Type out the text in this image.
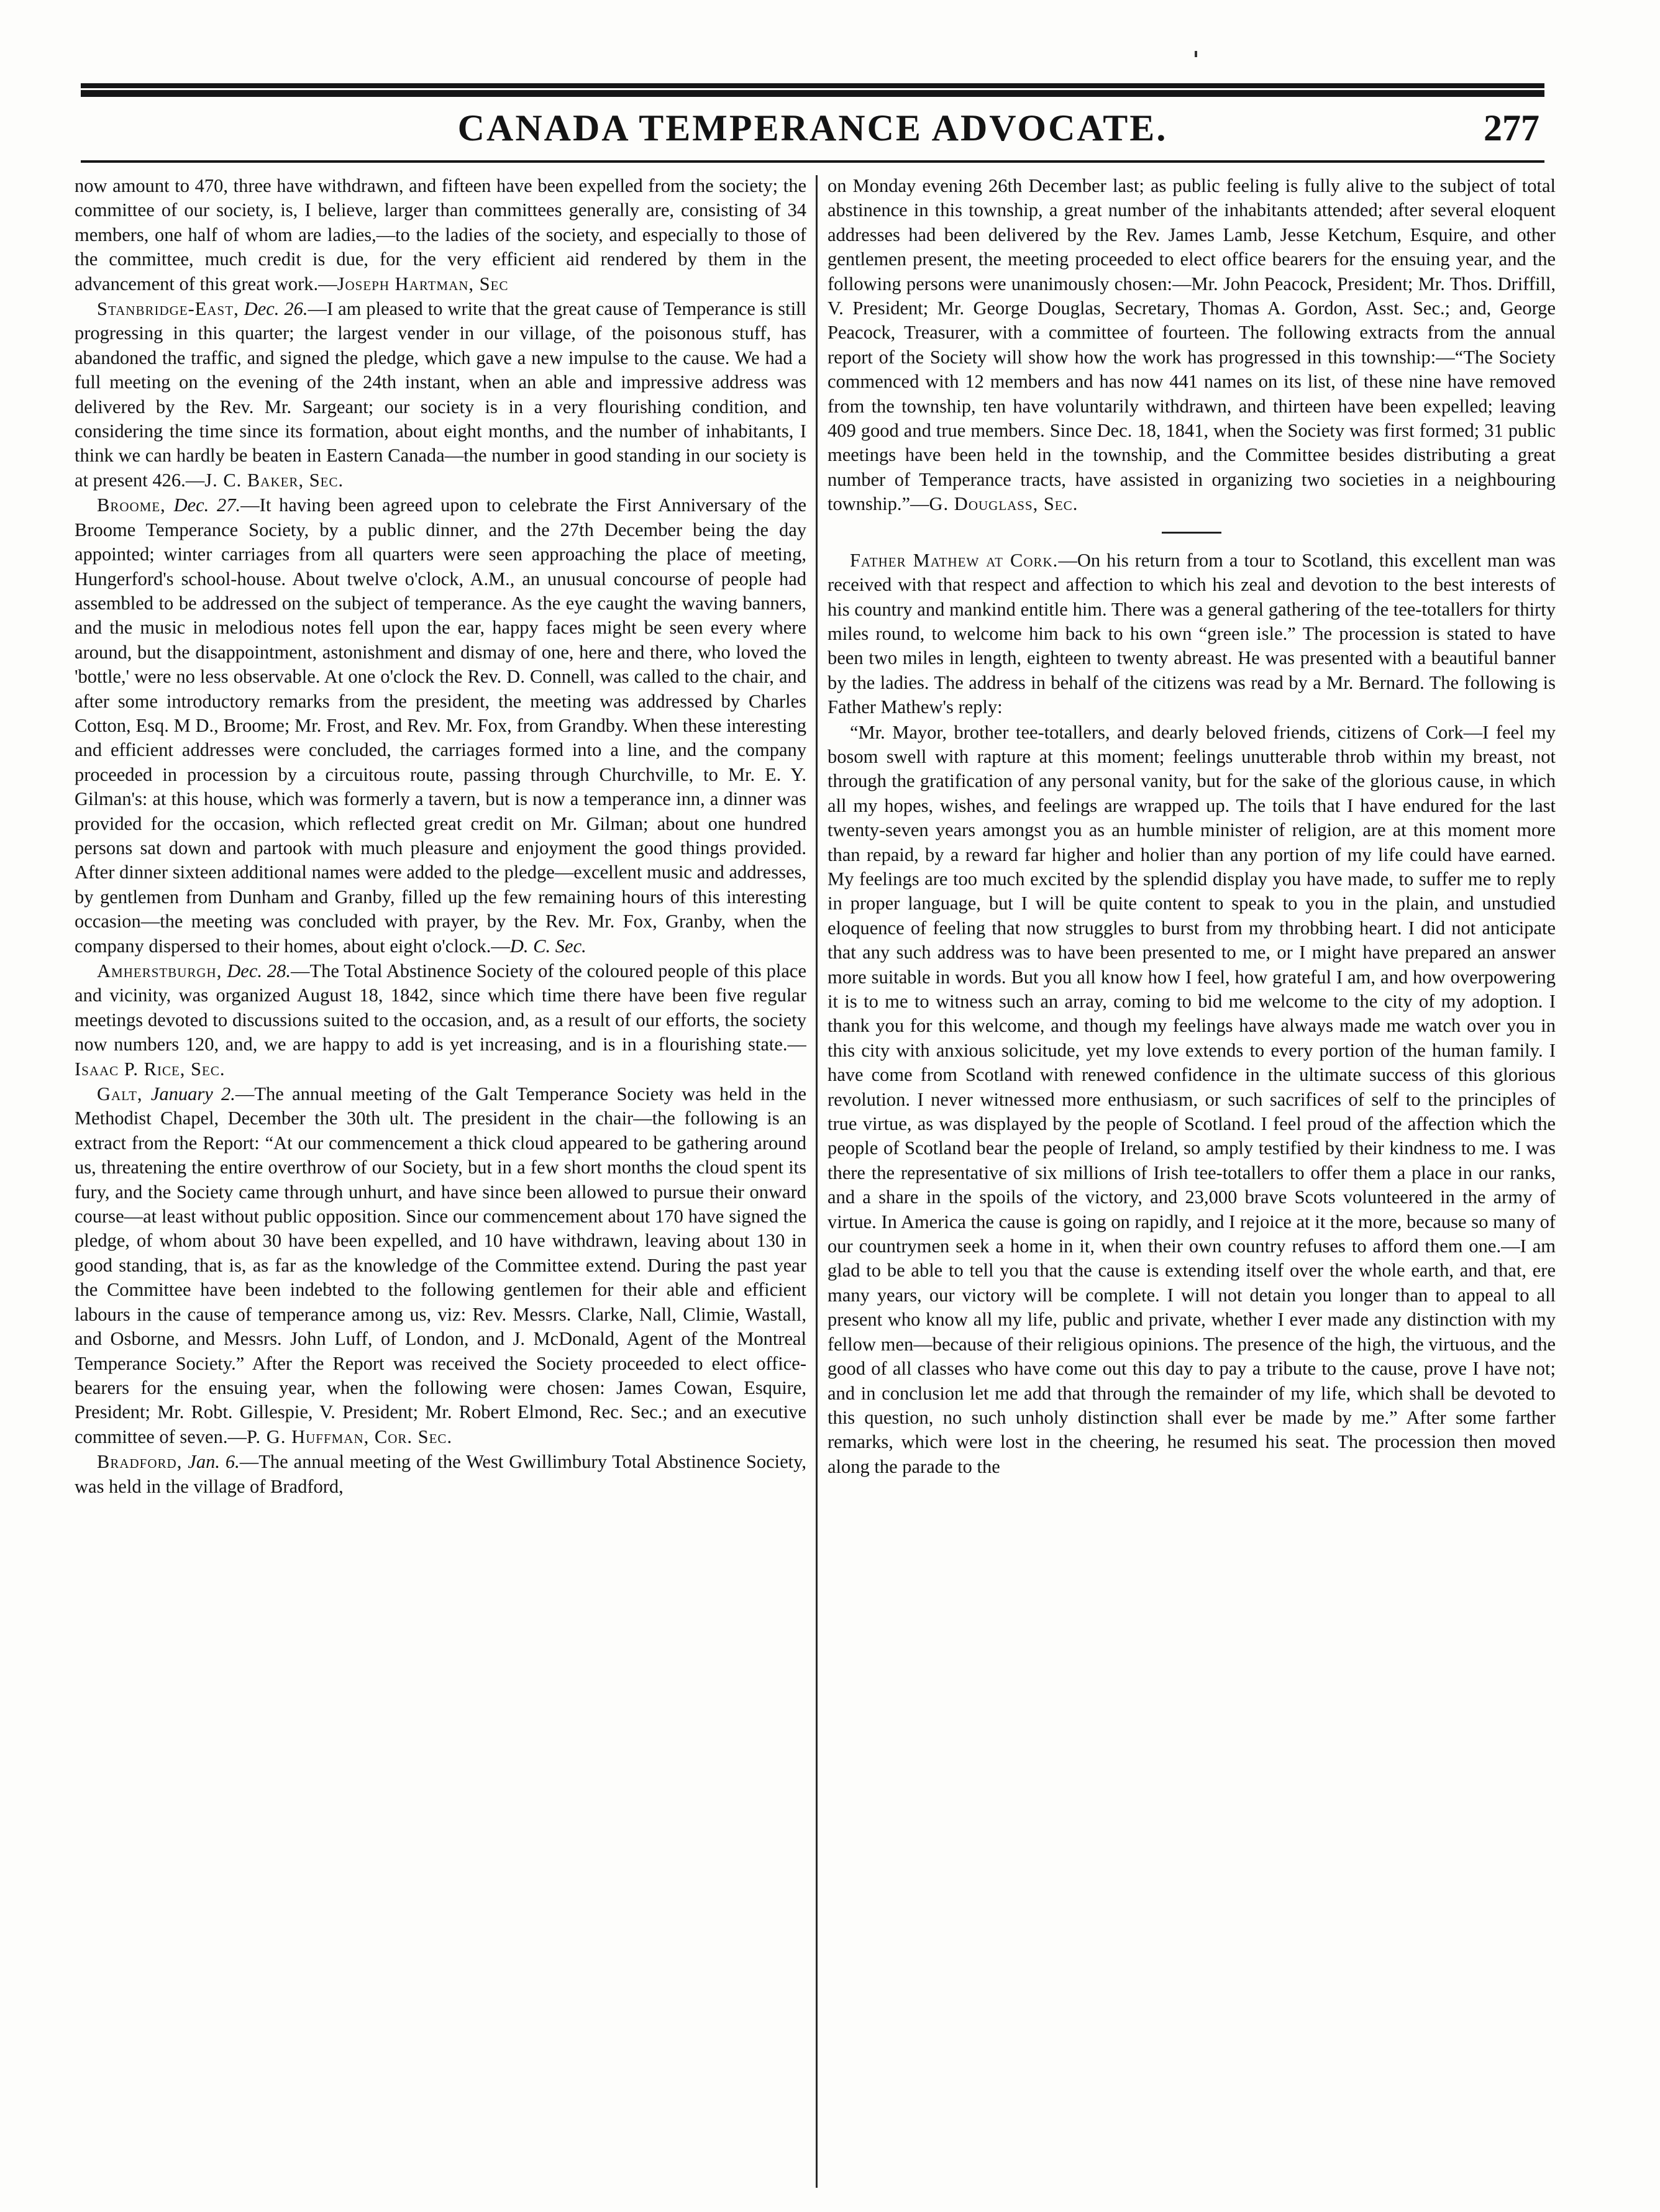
CANADA TEMPERANCE ADVOCATE.	277

now amount to 470, three have withdrawn, and fifteen have been expelled from the society; the committee of our society, is, I believe, larger than committees generally are, consisting of 34 members, one half of whom are ladies,—to the ladies of the society, and especially to those of the committee, much credit is due, for the very efficient aid rendered by them in the advancement of this great work.—Joseph Hartman, Sec

Stanbridge-East, Dec. 26.—I am pleased to write that the great cause of Temperance is still progressing in this quarter; the largest vender in our village, of the poisonous stuff, has abandoned the traffic, and signed the pledge, which gave a new impulse to the cause. We had a full meeting on the evening of the 24th instant, when an able and impressive address was delivered by the Rev. Mr. Sargeant; our society is in a very flourishing condition, and considering the time since its formation, about eight months, and the number of inhabitants, I think we can hardly be beaten in Eastern Canada—the number in good standing in our society is at present 426.—J. C. Baker, Sec.

Broome, Dec. 27.—It having been agreed upon to celebrate the First Anniversary of the Broome Temperance Society, by a public dinner, and the 27th December being the day appointed; winter carriages from all quarters were seen approaching the place of meeting, Hungerford's school-house. About twelve o'clock, A.M., an unusual concourse of people had assembled to be addressed on the subject of temperance. As the eye caught the waving banners, and the music in melodious notes fell upon the ear, happy faces might be seen every where around, but the disappointment, astonishment and dismay of one, here and there, who loved the 'bottle,' were no less observable. At one o'clock the Rev. D. Connell, was called to the chair, and after some introductory remarks from the president, the meeting was addressed by Charles Cotton, Esq. M D., Broome; Mr. Frost, and Rev. Mr. Fox, from Grandby. When these interesting and efficient addresses were concluded, the carriages formed into a line, and the company proceeded in procession by a circuitous route, passing through Churchville, to Mr. E. Y. Gilman's: at this house, which was formerly a tavern, but is now a temperance inn, a dinner was provided for the occasion, which reflected great credit on Mr. Gilman; about one hundred persons sat down and partook with much pleasure and enjoyment the good things provided. After dinner sixteen additional names were added to the pledge—excellent music and addresses, by gentlemen from Dunham and Granby, filled up the few remaining hours of this interesting occasion—the meeting was concluded with prayer, by the Rev. Mr. Fox, Granby, when the company dispersed to their homes, about eight o'clock.—D. C. Sec.

Amherstburgh, Dec. 28.—The Total Abstinence Society of the coloured people of this place and vicinity, was organized August 18, 1842, since which time there have been five regular meetings devoted to discussions suited to the occasion, and, as a result of our efforts, the society now numbers 120, and, we are happy to add is yet increasing, and is in a flourishing state.—Isaac P. Rice, Sec.

Galt, January 2.—The annual meeting of the Galt Temperance Society was held in the Methodist Chapel, December the 30th ult. The president in the chair—the following is an extract from the Report: “At our commencement a thick cloud appeared to be gathering around us, threatening the entire overthrow of our Society, but in a few short months the cloud spent its fury, and the Society came through unhurt, and have since been allowed to pursue their onward course—at least without public opposition. Since our commencement about 170 have signed the pledge, of whom about 30 have been expelled, and 10 have withdrawn, leaving about 130 in good standing, that is, as far as the knowledge of the Committee extend. During the past year the Committee have been indebted to the following gentlemen for their able and efficient labours in the cause of temperance among us, viz: Rev. Messrs. Clarke, Nall, Climie, Wastall, and Osborne, and Messrs. John Luff, of London, and J. McDonald, Agent of the Montreal Temperance Society.” After the Report was received the Society proceeded to elect office-bearers for the ensuing year, when the following were chosen: James Cowan, Esquire, President; Mr. Robt. Gillespie, V. President; Mr. Robert Elmond, Rec. Sec.; and an executive committee of seven.—P. G. Huffman, Cor. Sec.

Bradford, Jan. 6.—The annual meeting of the West Gwillimbury Total Abstinence Society, was held in the village of Bradford,

on Monday evening 26th December last; as public feeling is fully alive to the subject of total abstinence in this township, a great number of the inhabitants attended; after several eloquent addresses had been delivered by the Rev. James Lamb, Jesse Ketchum, Esquire, and other gentlemen present, the meeting proceeded to elect office bearers for the ensuing year, and the following persons were unanimously chosen:—Mr. John Peacock, President; Mr. Thos. Driffill, V. President; Mr. George Douglas, Secretary, Thomas A. Gordon, Asst. Sec.; and, George Peacock, Treasurer, with a committee of fourteen. The following extracts from the annual report of the Society will show how the work has progressed in this township:—“The Society commenced with 12 members and has now 441 names on its list, of these nine have removed from the township, ten have voluntarily withdrawn, and thirteen have been expelled; leaving 409 good and true members. Since Dec. 18, 1841, when the Society was first formed; 31 public meetings have been held in the township, and the Committee besides distributing a great number of Temperance tracts, have assisted in organizing two societies in a neighbouring township.”—G. Douglass, Sec.

Father Mathew at Cork.—On his return from a tour to Scotland, this excellent man was received with that respect and affection to which his zeal and devotion to the best interests of his country and mankind entitle him. There was a general gathering of the tee-totallers for thirty miles round, to welcome him back to his own “green isle.” The procession is stated to have been two miles in length, eighteen to twenty abreast. He was presented with a beautiful banner by the ladies. The address in behalf of the citizens was read by a Mr. Bernard. The following is Father Mathew's reply:

“Mr. Mayor, brother tee-totallers, and dearly beloved friends, citizens of Cork—I feel my bosom swell with rapture at this moment; feelings unutterable throb within my breast, not through the gratification of any personal vanity, but for the sake of the glorious cause, in which all my hopes, wishes, and feelings are wrapped up. The toils that I have endured for the last twenty-seven years amongst you as an humble minister of religion, are at this moment more than repaid, by a reward far higher and holier than any portion of my life could have earned. My feelings are too much excited by the splendid display you have made, to suffer me to reply in proper language, but I will be quite content to speak to you in the plain, and unstudied eloquence of feeling that now struggles to burst from my throbbing heart. I did not anticipate that any such address was to have been presented to me, or I might have prepared an answer more suitable in words. But you all know how I feel, how grateful I am, and how overpowering it is to me to witness such an array, coming to bid me welcome to the city of my adoption. I thank you for this welcome, and though my feelings have always made me watch over you in this city with anxious solicitude, yet my love extends to every portion of the human family. I have come from Scotland with renewed confidence in the ultimate success of this glorious revolution. I never witnessed more enthusiasm, or such sacrifices of self to the principles of true virtue, as was displayed by the people of Scotland. I feel proud of the affection which the people of Scotland bear the people of Ireland, so amply testified by their kindness to me. I was there the representative of six millions of Irish tee-totallers to offer them a place in our ranks, and a share in the spoils of the victory, and 23,000 brave Scots volunteered in the army of virtue. In America the cause is going on rapidly, and I rejoice at it the more, because so many of our countrymen seek a home in it, when their own country refuses to afford them one.—I am glad to be able to tell you that the cause is extending itself over the whole earth, and that, ere many years, our victory will be complete. I will not detain you longer than to appeal to all present who know all my life, public and private, whether I ever made any distinction with my fellow men—because of their religious opinions. The presence of the high, the virtuous, and the good of all classes who have come out this day to pay a tribute to the cause, prove I have not; and in conclusion let me add that through the remainder of my life, which shall be devoted to this question, no such unholy distinction shall ever be made by me.” After some farther remarks, which were lost in the cheering, he resumed his seat. The procession then moved along the parade to the
